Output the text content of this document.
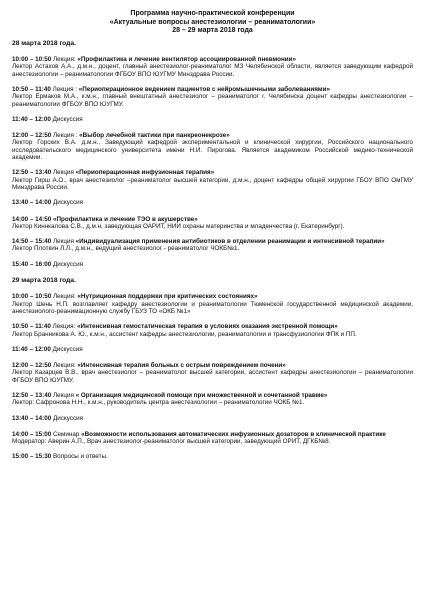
Программа научно-практической конференции
«Актуальные вопросы анестезиологии – реаниматологии»
28 – 29 марта 2018 года
28 марта 2018 года.
10:00 – 10:50 Лекция: «Профилактика и лечение вентилятор ассоциированной пневмонии»
Лектор Астахов А.А., д.м.н., доцент, главный анестезиолог-реаниматолог МЗ Челябинской области, является заведующим кафедрой анестезиологии – реаниматологии ФГБОУ ВПО ЮУГМУ Минздрава России.
10:50 – 11:40 Лекция : «Периоперационное ведением пациентов с нейромышечными заболеваниями»
Лектор Ермаков М.А., к.м.н., главный внештатный анестезиолог – реаниматолог г. Челябинска доцент кафедры анестезиологии – реаниматологии ФГБОУ ВПО ЮУГМУ.
11:40 – 12:00 Дискуссия
12:00 – 12:50 Лекция : «Выбор лечебной тактики при панкреонекрозе»
Лектор Горских В.А. д.м.н., Заведующий кафедрой экспериментальной и клинической хирургии, Российского национального исследовательского медицинского университета имени Н.И. Пирогова. Является академиком Российской медико-технической академии.
12:50 – 13:40 Лекция «Периоперационная инфузионная терапия»
Лектор Гирш А.О., врач анестезиолог –реаниматолог высшей категории, д.м.н., доцент кафедры общей хирургии ГБОУ ВПО ОмГМУ Минздрава России.
13:40 – 14:00 Дискуссия
14:00 – 14:50 «Профилактика и лечение ТЭО в акушерстве»
Лектор Киннкалова С.В., д.м.н, заведующая ОАРИТ, НИИ охраны материнства и младенчества (г. Екатеринбург).
14:50 – 15:40 Лекция «Индивидуализация применения антибиотиков в отделении реанимации и интенсивной терапии»
Лектор Плоткин Л.Л., д.м.н., ведущий анестезиолог - реаниматолог ЧОКБ№1.
15:40 – 16:00 Дискуссия
29 марта 2018 года.
10:00 – 10:50 Лекция: «Нутриционная поддержки при критических состояниях»
Лектор Шень Н.П. возглавляет кафедру анестезиологии и реаниматологии Тюменской государственной медицинской академии, анестезиолого-реанимационную службу ГБУЗ ТО «ОКБ №1»
10:50 – 11:40 Лекция: «Интенсивная гемостатическая терапия в условиях оказания экстренной помощи»
Лектор Бранникова А. Ю., к.м.н., ассистент кафедры анестезиологии, реаниматологии и трансфузиологии ФПК и ПП.
11:40 – 12:00 Дискуссия
12:00 – 12:50 Лекция: «Интенсивная терапия больных с острым повреждением почени»
Лектор Казарцев В.В., врач анестезиолог – реаниматолог высшей категории, ассистент кафедры анестезиологии – реаниматологии ФГБОУ ВПО ЮУГМУ.
12:50 – 13:40 Лекция « Организация медицинской помощи при множественной и сочетанной травме»
Лектор: Сафронова Н.Н., к.м.н., руководитель центра анестезиологии – реаниматологии ЧОКБ №1.
13:40 – 14:00 Дискуссия
14:00 – 15:00 Семинар «Возможности использования автоматических инфузионных дозаторов в клинической практике
Модератор: Аверин А.П., Врач анестезиолог-реаниматолог высшей категории, заведующий ОРИТ, ДГКБ№8.
15:00 – 15:30 Вопросы и ответы.
